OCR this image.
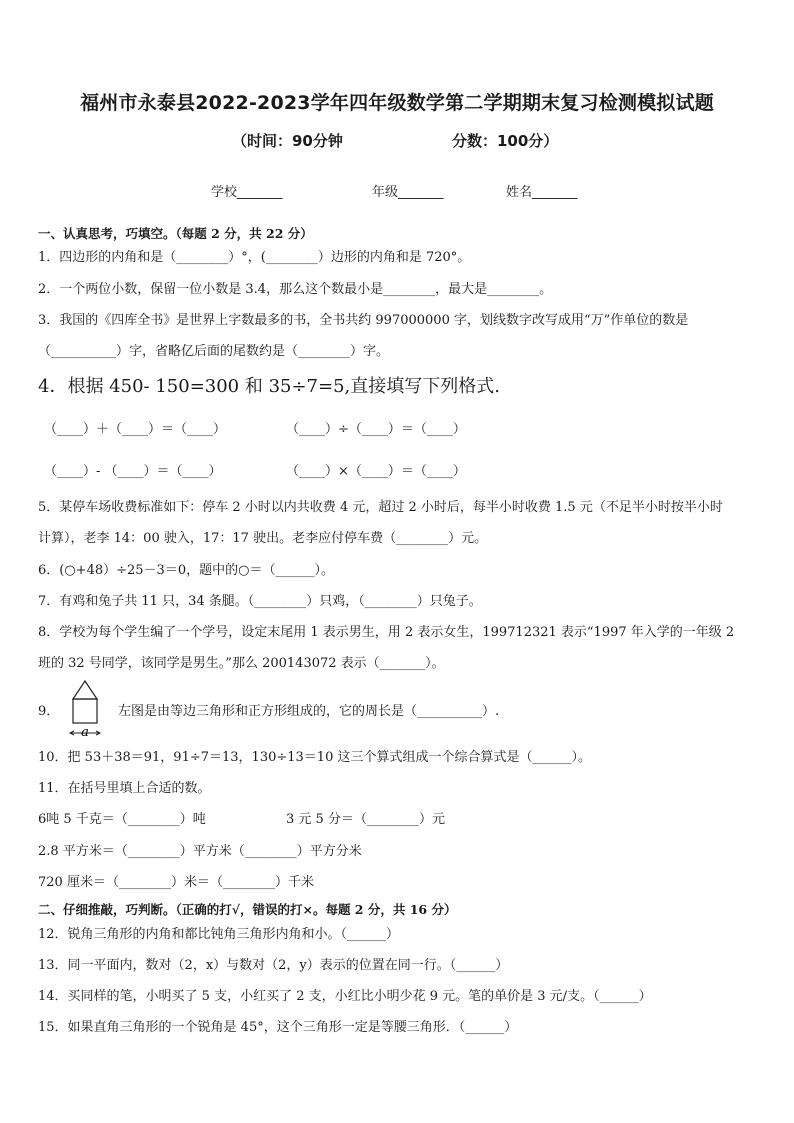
福州市永泰县2022-2023学年四年级数学第二学期期末复习检测模拟试题
（时间：90分钟	分数：100分）
学校_______	年级_______	姓名_______
一、认真思考，巧填空。（每题 2 分，共 22 分）
1．四边形的内角和是（________）°，(________）边形的内角和是 720°。
2．一个两位小数，保留一位小数是 3.4，那么这个数最小是________，最大是________。
3．我国的《四库全书》是世界上字数最多的书，全书共约 997000000 字，划线数字改写成用“万”作单位的数是
（__________）字，省略亿后面的尾数约是（________）字。
4．根据 450- 150=300 和 35÷7=5,直接填写下列格式.
（____）＋（____）＝（____）	（____）÷（____）＝（____）
（____）- （____）＝（____）	（____）×（____）＝（____）
5．某停车场收费标准如下：停车 2 小时以内共收费 4 元，超过 2 小时后，每半小时收费 1.5 元（不足半小时按半小时
计算），老李 14：00 驶入，17：17 驶出。老李应付停车费（________）元。
6．(○+48）÷25－3＝0，题中的○＝（______）。
7．有鸡和兔子共 11 只，34 条腿。（________）只鸡，（________）只兔子。
8．学校为每个学生编了一个学号，设定末尾用 1 表示男生，用 2 表示女生，199712321 表示“1997 年入学的一年级 2
班的 32 号同学，该同学是男生。”那么 200143072 表示（_______）。
9．
a
左图是由等边三角形和正方形组成的，它的周长是（__________）.
10．把 53＋38＝91，91÷7＝13，130÷13＝10 这三个算式组成一个综合算式是（______）。
11．在括号里填上合适的数。
6吨 5 千克＝（________）吨	3 元 5 分＝（________）元
2.8 平方米＝（________）平方米（________）平方分米
720 厘米＝（________）米＝（________）千米
二、仔细推敲，巧判断。（正确的打√，错误的打×。每题 2 分，共 16 分）
12．锐角三角形的内角和都比钝角三角形内角和小。（______）
13．同一平面内，数对（2，x）与数对（2，y）表示的位置在同一行。（______）
14．买同样的笔，小明买了 5 支，小红买了 2 支，小红比小明少花 9 元。笔的单价是 3 元/支。（______）
15．如果直角三角形的一个锐角是 45°，这个三角形一定是等腰三角形．（______）
